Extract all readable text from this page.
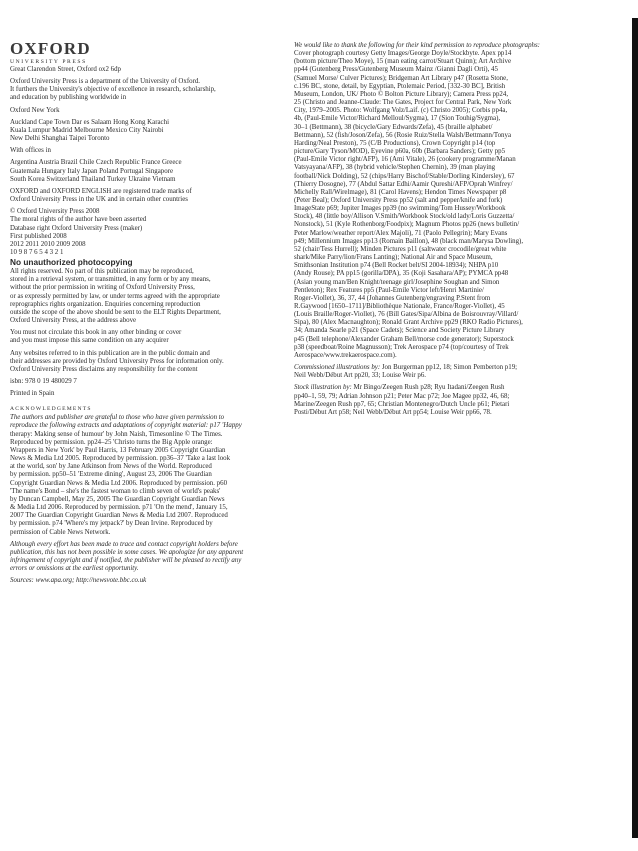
OXFORD
UNIVERSITY PRESS
Great Clarendon Street, Oxford ox2 6dp
Oxford University Press is a department of the University of Oxford.
It furthers the University's objective of excellence in research, scholarship,
and education by publishing worldwide in
Oxford New York
Auckland Cape Town Dar es Salaam Hong Kong Karachi
Kuala Lumpur Madrid Melbourne Mexico City Nairobi
New Delhi Shanghai Taipei Toronto
With offices in
Argentina Austria Brazil Chile Czech Republic France Greece
Guatemala Hungary Italy Japan Poland Portugal Singapore
South Korea Switzerland Thailand Turkey Ukraine Vietnam
OXFORD and OXFORD ENGLISH are registered trade marks of
Oxford University Press in the UK and in certain other countries
© Oxford University Press 2008
The moral rights of the author have been asserted
Database right Oxford University Press (maker)
First published 2008
2012 2011 2010 2009 2008
10 9 8 7 6 5 4 3 2 1
No unauthorized photocopying
All rights reserved. No part of this publication may be reproduced,
stored in a retrieval system, or transmitted, in any form or by any means,
without the prior permission in writing of Oxford University Press,
or as expressly permitted by law, or under terms agreed with the appropriate
reprographics rights organization. Enquiries concerning reproduction
outside the scope of the above should be sent to the ELT Rights Department,
Oxford University Press, at the address above
You must not circulate this book in any other binding or cover
and you must impose this same condition on any acquirer
Any websites referred to in this publication are in the public domain and
their addresses are provided by Oxford University Press for information only.
Oxford University Press disclaims any responsibility for the content
isbn: 978 0 19 480029 7
Printed in Spain
ACKNOWLEDGEMENTS
The authors and publisher are grateful to those who have given permission to
reproduce the following extracts and adaptations of copyright material: p17 'Happy
therapy: Making sense of humour' by John Naish, Timesonline © The Times.
Reproduced by permission. pp24–25 'Christo turns the Big Apple orange:
Wrappers in New York' by Paul Harris, 13 February 2005 Copyright Guardian
News & Media Ltd 2005. Reproduced by permission. pp36–37 'Take a last look
at the world, son' by Jane Atkinson from News of the World. Reproduced
by permission. pp50–51 'Extreme dining', August 23, 2006 The Guardian
Copyright Guardian News & Media Ltd 2006. Reproduced by permission. p60
'The name's Bond – she's the fastest woman to climb seven of world's peaks'
by Duncan Campbell, May 25, 2005 The Guardian Copyright Guardian News
& Media Ltd 2006. Reproduced by permission. p71 'On the mend', January 15,
2007 The Guardian Copyright Guardian News & Media Ltd 2007. Reproduced
by permission. p74 'Where's my jetpack?' by Dean Irvine. Reproduced by
permission of Cable News Network.
Although every effort has been made to trace and contact copyright holders before
publication, this has not been possible in some cases. We apologize for any apparent
infringement of copyright and if notified, the publisher will be pleased to rectify any
errors or omissions at the earliest opportunity.
Sources: www.apa.org; http://newsvote.bbc.co.uk
We would like to thank the following for their kind permission to reproduce photographs:
Cover photograph courtesy Getty Images/George Doyle/Stockbyte. Apex pp14
(bottom picture/Theo Moye), 15 (man eating carrot/Stuart Quinn); Art Archive
pp44 (Gutenberg Press/Gutenberg Museum Mainz /Gianni Dagli Orti), 45
(Samuel Morse/ Culver Pictures); Bridgeman Art Library p47 (Rosetta Stone,
c.196 BC, stone, detail, by Egyptian, Ptolemaic Period, [332-30 BC], British
Museum, London, UK/ Photo © Bolton Picture Library); Camera Press pp24,
25 (Christo and Jeanne-Claude: The Gates, Project for Central Park, New York
City, 1979–2005. Photo: Wolfgang Volz/Laif. (c) Christo 2005); Corbis pp4a,
4b, (Paul-Emile Victor/Richard Melloul/Sygma), 17 (Sion Touhig/Sygma),
30–1 (Bettmann), 38 (bicycle/Gary Edwards/Zefa), 45 (braille alphabet/
Bettmann), 52 (fish/Joson/Zefa), 56 (Rosie Ruiz/Stella Walsh/Bettmann/Tonya
Harding/Neal Preston), 75 (C/B Productions), Crown Copyright p14 (top
picture/Gary Tyson/MOD), Eyevine p60a, 60b (Barbara Sanders); Getty pp5
(Paul-Emile Victor right/AFP), 16 (Ami Vitale), 26 (cookery programme/Manan
Vatsyayana/AFP), 38 (hybrid vehicle/Stephen Chernin), 39 (man playing
football/Nick Dolding), 52 (chips/Harry Bischof/Stable/Dorling Kindersley), 67
(Thierry Dosogne), 77 (Abdul Sattar Edhi/Aamir Qureshi/AFP/Oprah Winfrey/
Michelly Rall/Wirelmage), 81 (Carol Havens); Hendon Times Newspaper p8
(Peter Beal); Oxford University Press pp52 (salt and pepper/knife and fork)
ImageState p69; Jupiter Images pp39 (no swimming/Tom Hussey/Workbook
Stock), 48 (little boy/Allison V.Smith/Workbook Stock/old lady/Loris Guzzetta/
Nonstock), 51 (Kyle Rothenborg/Foodpix); Magnum Photos pp26 (news bulletin/
Peter Marlow/weather report/Alex Majoli), 71 (Paolo Pellegrin); Mary Evans
p49; Millennium Images pp13 (Romain Baillon), 48 (black man/Marysa Dowling),
52 (chair/Tess Hurrell); Minden Pictures p11 (saltwater crocodile/great white
shark/Mike Parry/lion/Frans Lanting); National Air and Space Museum,
Smithsonian Institution p74 (Bell Rocket belt/SI 2004-18934); NHPA p10
(Andy Rouse); PA pp15 (gorilla/DPA), 35 (Koji Sasahara/AP); PYMCA pp48
(Asian young man/Ben Knight/teenage girl/Josephine Soughan and Simon
Pentleton); Rex Features pp5 (Paul-Emile Victor left/Henri Martinie/
Roger-Viollet), 36, 37, 44 (Johannes Gutenberg/engraving P.Stent from
R.Gaywood [1650–1711]/Bibliothèque Nationale, France/Roger-Viollet), 45
(Louis Braille/Roger-Viollet), 76 (Bill Gates/Sipa/Albina de Boisrouvray/Villard/
Sipa), 80 (Alex Macnaughton); Ronald Grant Archive pp29 (RKO Radio Pictures),
34; Amanda Searle p21 (Space Cadets); Science and Society Picture Library
p45 (Bell telephone/Alexander Graham Bell/morse code generator); Superstock
p38 (speedboat/Roine Magnusson); Trek Aerospace p74 (top/courtesy of Trek
Aerospace/www.trekaerospace.com).
Commissioned illustrations by: Jon Burgerman pp12, 18; Simon Pemberton p19;
Neil Webb/Début Art pp20, 33; Louise Weir p6.
Stock illustration by: Mr Bingo/Zeegen Rush p28; Ryu Itadani/Zeegen Rush
pp40–1, 59, 79; Adrian Johnson p21; Peter Mac p72; Joe Magee pp32, 46, 68;
Marine/Zeegen Rush pp7, 65; Christian Montenegro/Dutch Uncle p61; Pietari
Posti/Début Art p58; Neil Webb/Début Art pp54; Louise Weir pp66, 78.
